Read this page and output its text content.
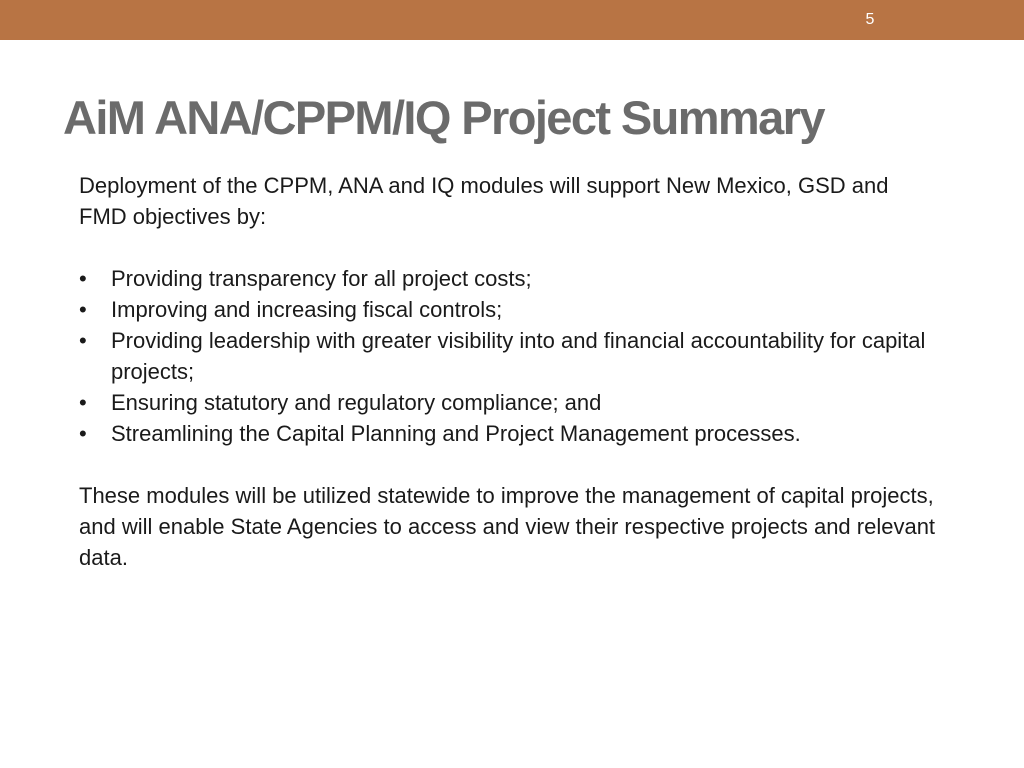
5
AiM ANA/CPPM/IQ Project Summary

Deployment of the CPPM, ANA and IQ modules will support New Mexico, GSD and FMD objectives by:

• Providing transparency for all project costs;
• Improving and increasing fiscal controls;
• Providing leadership with greater visibility into and financial accountability for capital projects;
• Ensuring statutory and regulatory compliance; and
• Streamlining the Capital Planning and Project Management processes.

These modules will be utilized statewide to improve the management of capital projects, and will enable State Agencies to access and view their respective projects and relevant data.
